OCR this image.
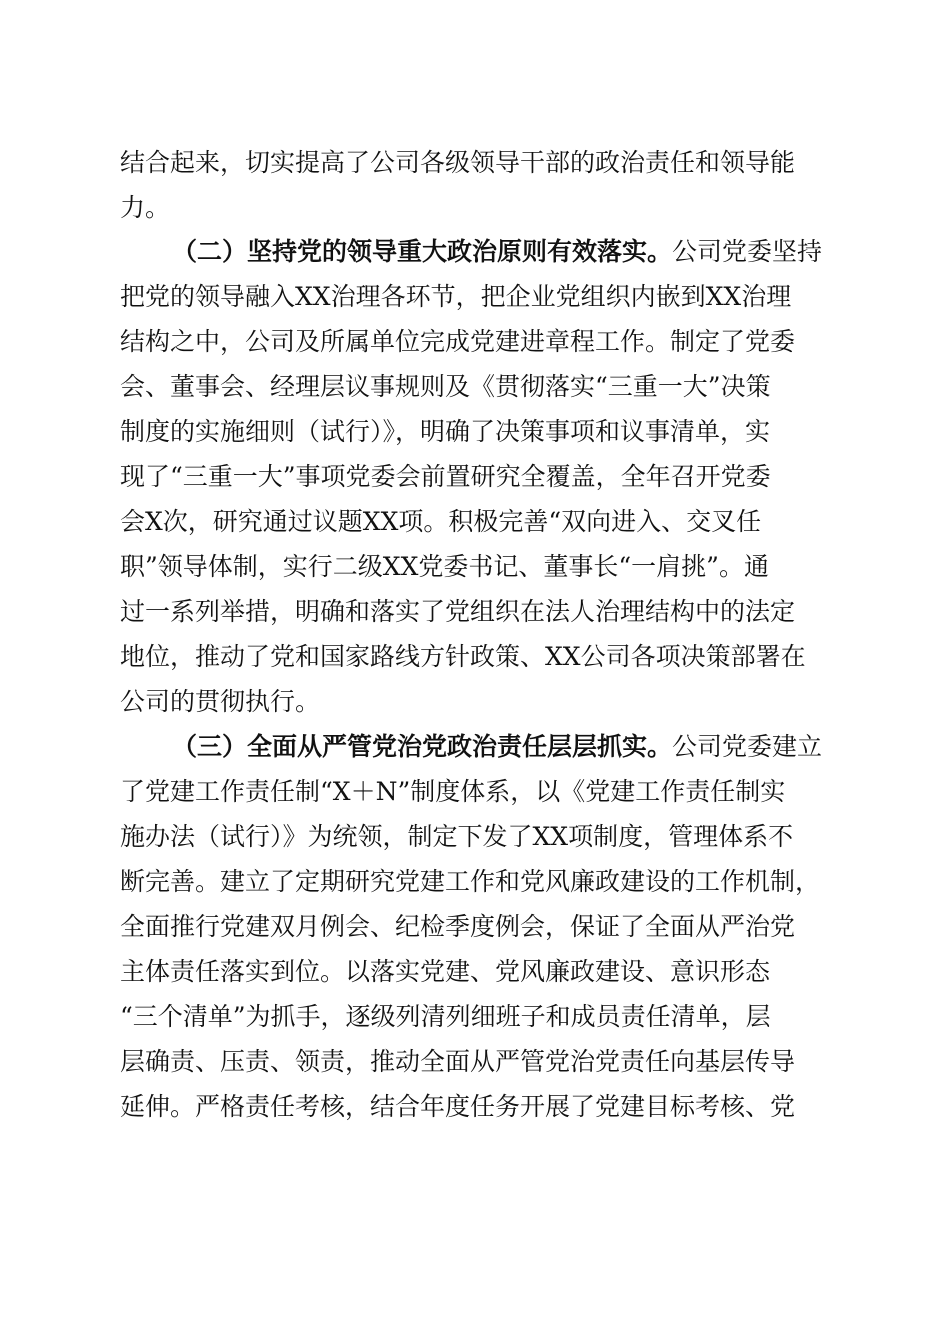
结合起来，切实提高了公司各级领导干部的政治责任和领导能
力。
（二）坚持党的领导重大政治原则有效落实。公司党委坚持
把党的领导融入XX治理各环节，把企业党组织内嵌到XX治理
结构之中，公司及所属单位完成党建进章程工作。制定了党委
会、董事会、经理层议事规则及《贯彻落实“三重一大”决策
制度的实施细则（试行）》，明确了决策事项和议事清单，实
现了“三重一大”事项党委会前置研究全覆盖，全年召开党委
会X次，研究通过议题XX项。积极完善“双向进入、交叉任
职”领导体制，实行二级XX党委书记、董事长“一肩挑”。通
过一系列举措，明确和落实了党组织在法人治理结构中的法定
地位，推动了党和国家路线方针政策、XX公司各项决策部署在
公司的贯彻执行。
（三）全面从严管党治党政治责任层层抓实。公司党委建立
了党建工作责任制“X＋N”制度体系，以《党建工作责任制实
施办法（试行）》为统领，制定下发了XX项制度，管理体系不
断完善。建立了定期研究党建工作和党风廉政建设的工作机制，
全面推行党建双月例会、纪检季度例会，保证了全面从严治党
主体责任落实到位。以落实党建、党风廉政建设、意识形态
“三个清单”为抓手，逐级列清列细班子和成员责任清单，层
层确责、压责、领责，推动全面从严管党治党责任向基层传导
延伸。严格责任考核，结合年度任务开展了党建目标考核、党
